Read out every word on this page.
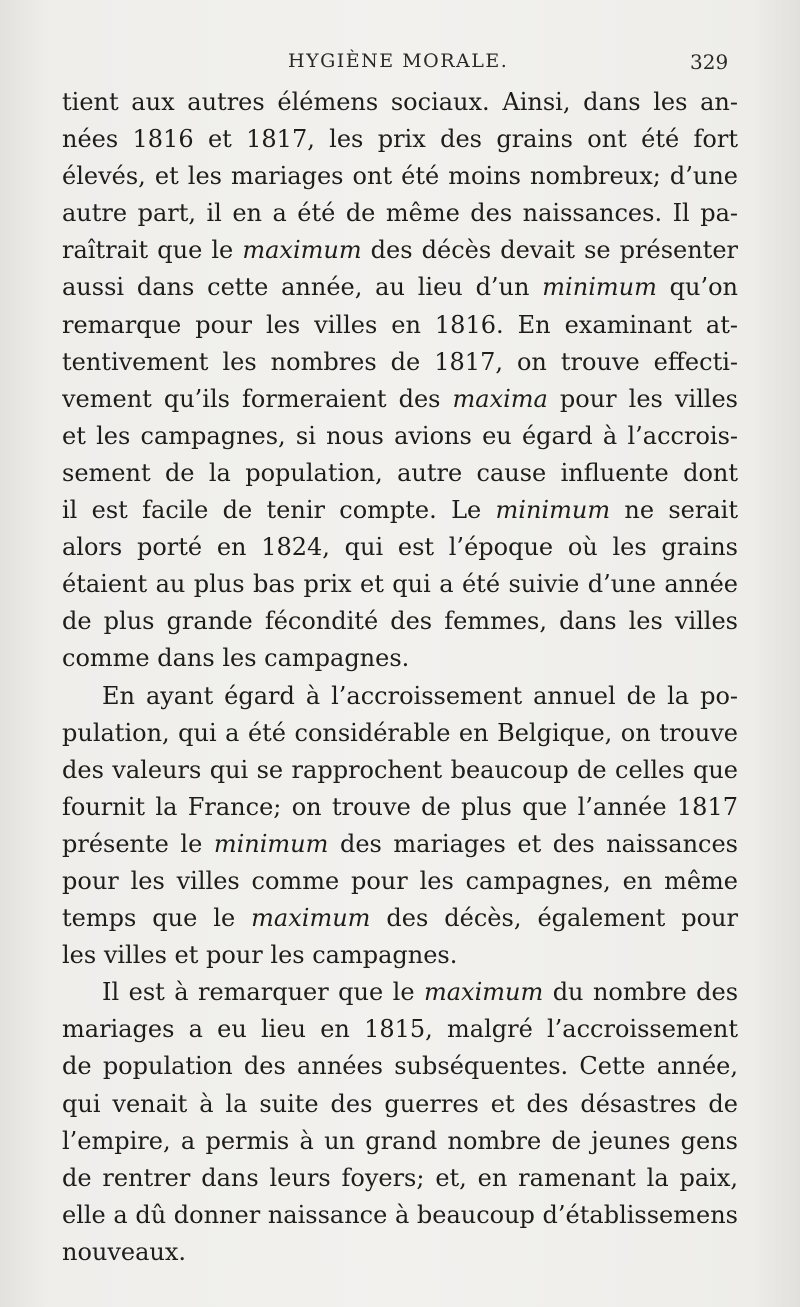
HYGIÈNE MORALE.	329
tient aux autres élémens sociaux. Ainsi, dans les an-
nées 1816 et 1817, les prix des grains ont été fort
élevés, et les mariages ont été moins nombreux; d’une
autre part, il en a été de même des naissances. Il pa-
raîtrait que le maximum des décès devait se présenter
aussi dans cette année, au lieu d’un minimum qu’on
remarque pour les villes en 1816. En examinant at-
tentivement les nombres de 1817, on trouve effecti-
vement qu’ils formeraient des maxima pour les villes
et les campagnes, si nous avions eu égard à l’accrois-
sement de la population, autre cause influente dont
il est facile de tenir compte. Le minimum ne serait
alors porté en 1824, qui est l’époque où les grains
étaient au plus bas prix et qui a été suivie d’une année
de plus grande fécondité des femmes, dans les villes
comme dans les campagnes.
En ayant égard à l’accroissement annuel de la po-
pulation, qui a été considérable en Belgique, on trouve
des valeurs qui se rapprochent beaucoup de celles que
fournit la France; on trouve de plus que l’année 1817
présente le minimum des mariages et des naissances
pour les villes comme pour les campagnes, en même
temps que le maximum des décès, également pour
les villes et pour les campagnes.
Il est à remarquer que le maximum du nombre des
mariages a eu lieu en 1815, malgré l’accroissement
de population des années subséquentes. Cette année,
qui venait à la suite des guerres et des désastres de
l’empire, a permis à un grand nombre de jeunes gens
de rentrer dans leurs foyers; et, en ramenant la paix,
elle a dû donner naissance à beaucoup d’établissemens
nouveaux.
